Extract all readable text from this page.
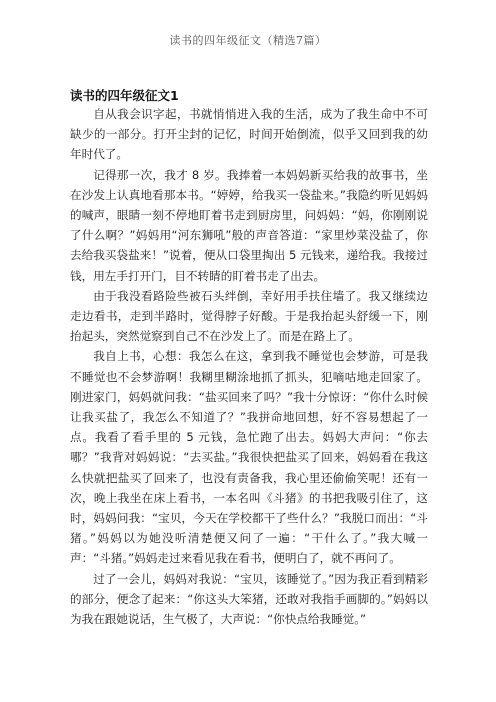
读书的四年级征文（精选7篇）
读书的四年级征文1

自从我会识字起，书就悄悄进入我的生活，成为了我生命中不可缺少的一部分。打开尘封的记忆，时间开始倒流，似乎又回到我的幼年时代了。

记得那一次，我才 8 岁。我捧着一本妈妈新买给我的故事书，坐在沙发上认真地看那本书。“婷婷，给我买一袋盐来。”我隐约听见妈妈的喊声，眼睛一刻不停地盯着书走到厨房里，问妈妈：“妈，你刚刚说了什么啊？”妈妈用“河东狮吼”般的声音答道：“家里炒菜没盐了，你去给我买袋盐来！”说着，便从口袋里掏出 5 元钱来，递给我。我接过钱，用左手打开门，目不转睛的盯着书走了出去。

由于我没看路险些被石头绊倒，幸好用手扶住墙了。我又继续边走边看书，走到半路时，觉得脖子好酸。于是我抬起头舒缓一下，刚抬起头，突然觉察到自己不在沙发上了。而是在路上了。

我自上书，心想：我怎么在这，拿到我不睡觉也会梦游，可是我不睡觉也不会梦游啊！我糊里糊涂地抓了抓头，犯嘀咕地走回家了。刚进家门，妈妈就问我：“盐买回来了吗？”我十分惊讶：“你什么时候让我买盐了，我怎么不知道了？”我拼命地回想，好不容易想起了一点。我看了看手里的 5 元钱，急忙跑了出去。妈妈大声问：“你去哪？”我背对妈妈说：“去买盐。”我很快把盐买了回来，妈妈看在我这么快就把盐买了回来了，也没有责备我，我心里还偷偷笑呢！还有一次，晚上我坐在床上看书，一本名叫《斗猪》的书把我吸引住了，这时，妈妈问我：“宝贝，今天在学校都干了些什么？”我脱口而出：“斗猪。”妈妈以为她没听清楚便又问了一遍：“干什么了。”我大喊一声：“斗猪。”妈妈走过来看见我在看书，便明白了，就不再问了。

过了一会儿，妈妈对我说：“宝贝，该睡觉了。”因为我正看到精彩的部分，便念了起来：“你这头大笨猪，还敢对我指手画脚的。”妈妈以为我在跟她说话，生气极了，大声说：“你快点给我睡觉。”
